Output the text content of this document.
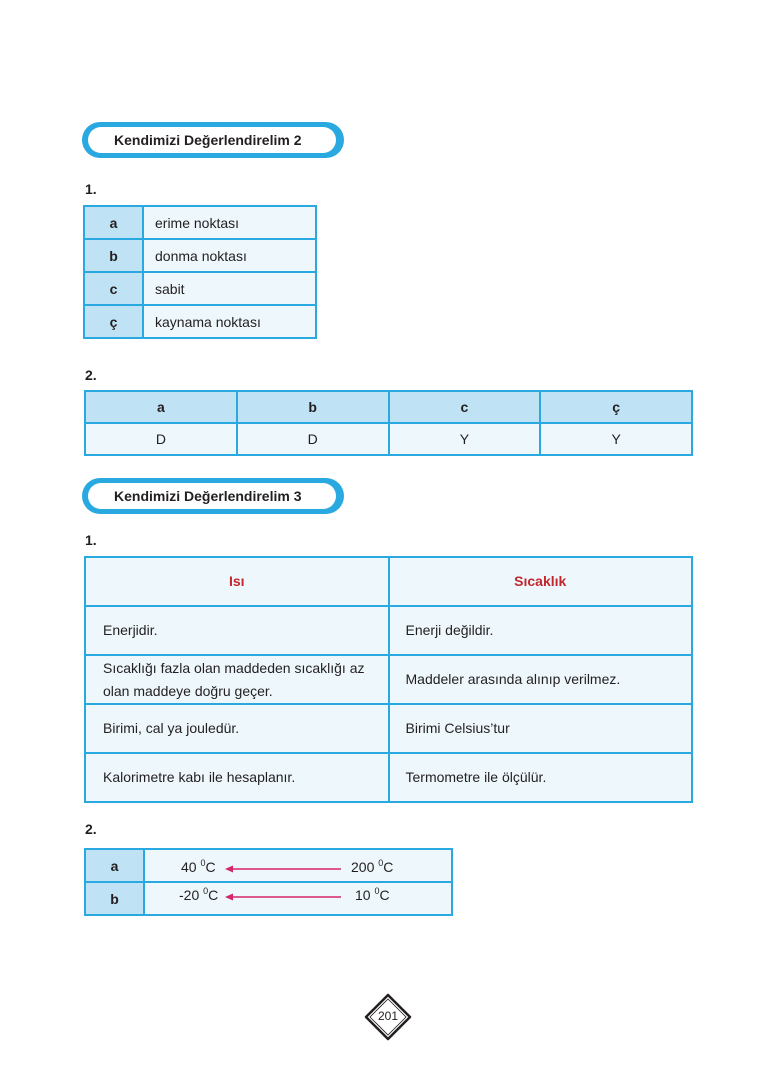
Kendimizi Değerlendirelim 2
1.
a	erime noktası
b	donma noktası
c	sabit
ç	kaynama noktası
2.
a	b	c	ç
D	D	Y	Y
Kendimizi Değerlendirelim 3
1.
Isı	Sıcaklık
Enerjidir.	Enerji değildir.
Sıcaklığı fazla olan maddeden sıcaklığı az olan maddeye doğru geçer.	Maddeler arasında alınıp verilmez.
Birimi, cal ya jouledür.	Birimi Celsius’tur
Kalorimetre kabı ile hesaplanır.	Termometre ile ölçülür.
2.
a	40 $^0$C 200 $^0$C

b	-20 $^0$C 10 $^0$C
201
